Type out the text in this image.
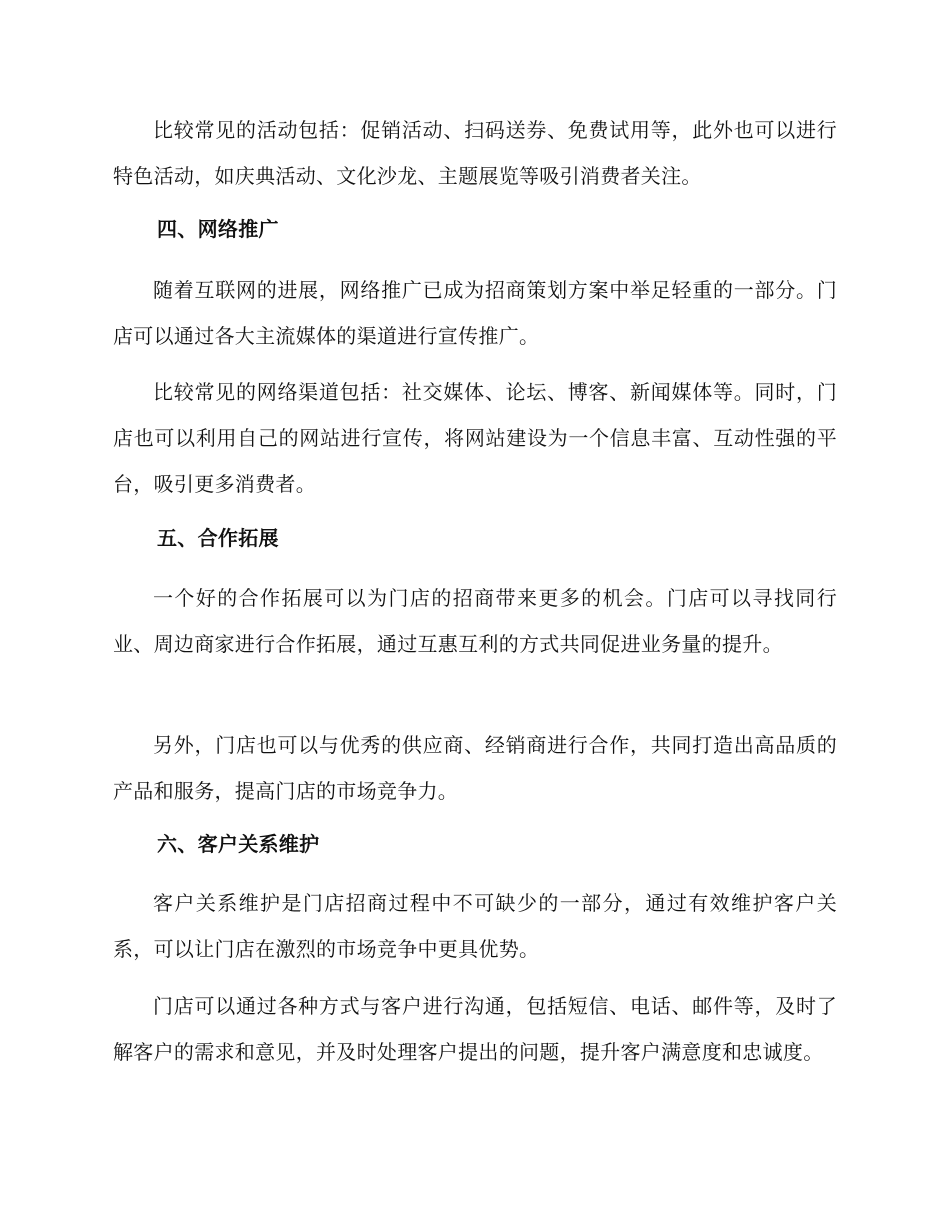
比较常见的活动包括：促销活动、扫码送券、免费试用等，此外也可以进行特色活动，如庆典活动、文化沙龙、主题展览等吸引消费者关注。

四、网络推广

随着互联网的进展，网络推广已成为招商策划方案中举足轻重的一部分。门店可以通过各大主流媒体的渠道进行宣传推广。

比较常见的网络渠道包括：社交媒体、论坛、博客、新闻媒体等。同时，门店也可以利用自己的网站进行宣传，将网站建设为一个信息丰富、互动性强的平台，吸引更多消费者。

五、合作拓展

一个好的合作拓展可以为门店的招商带来更多的机会。门店可以寻找同行业、周边商家进行合作拓展，通过互惠互利的方式共同促进业务量的提升。

另外，门店也可以与优秀的供应商、经销商进行合作，共同打造出高品质的产品和服务，提高门店的市场竞争力。

六、客户关系维护

客户关系维护是门店招商过程中不可缺少的一部分，通过有效维护客户关系，可以让门店在激烈的市场竞争中更具优势。

门店可以通过各种方式与客户进行沟通，包括短信、电话、邮件等，及时了解客户的需求和意见，并及时处理客户提出的问题，提升客户满意度和忠诚度。
